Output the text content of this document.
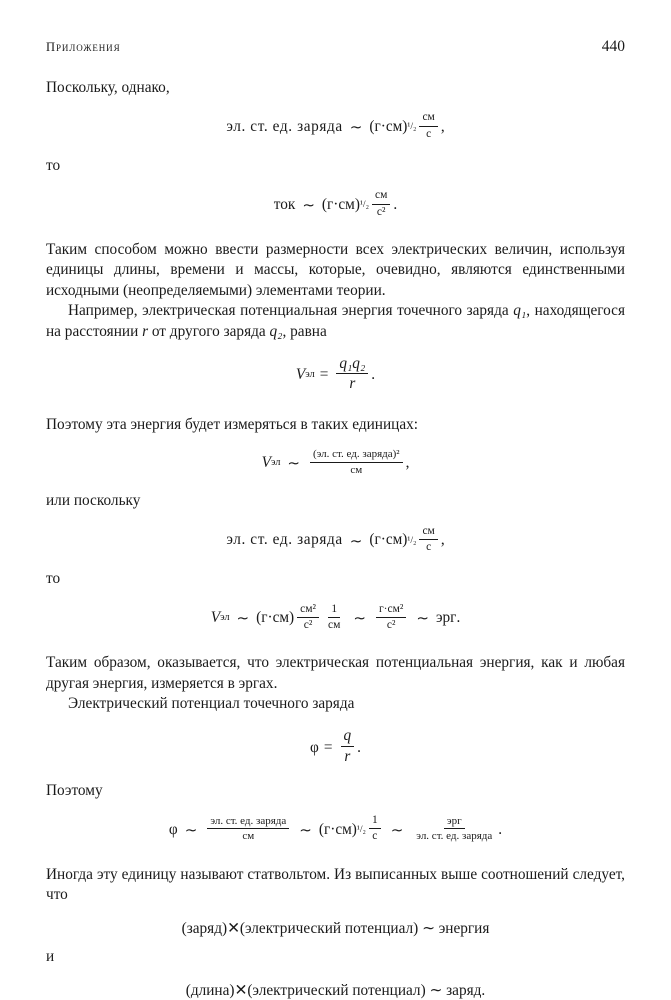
Приложения	440

Поскольку, однако,

эл. ст. ед. заряда ∼ (г·см) $^1/_2 \frac{см}{с}$ ,

то

ток ∼ (г·см) $^1/_2 \frac{см}{\text{с²}}$ .

Таким способом можно ввести размерности всех электрических величин, используя единицы длины, времени и массы, которые, очевидно, являются единственными исходными (неопределяемыми) элементами теории.

Например, электрическая потенциальная энергия точечного заряда q₁, находящегося на расстоянии r от другого заряда q₂, равна

V эл = $\frac{\text{q₁q₂}}{r}$ .

Поэтому эта энергия будет измеряться в таких единицах:

V эл ∼ $\frac{\text{(эл. ст. ед. заряда)²}}{см}$ ,

или поскольку

эл. ст. ед. заряда ∼ (г·см) $^1/_2 \frac{см}{с}$ ,

то

V эл ∼ $(г\cdot см) \frac{\text{см²}}{\text{с²}} \frac{1}{см}$ ∼ $\frac{\text{г·см²}}{\text{с²}}$ ∼ эрг .

Таким образом, оказывается, что электрическая потенциальная энергия, как и любая другая энергия, измеряется в эргах.

Электрический потенциал точечного заряда

$\varphi = \frac{q}{r}$ .

Поэтому

φ ∼ $\frac{\text{эл. ст. ед. заряда}}{см}$ ∼ (г·см) $^1/_2 \frac{1}{с}$ ∼ $\frac{\text{эрг}}{\text{эл. ст. ед. заряда}}$ .

Иногда эту единицу называют статвольтом. Из выписанных выше соотношений следует, что

(заряд)✕(электрический потенциал) ∼ энергия

и

(длина)✕(электрический потенциал) ∼ заряд.
